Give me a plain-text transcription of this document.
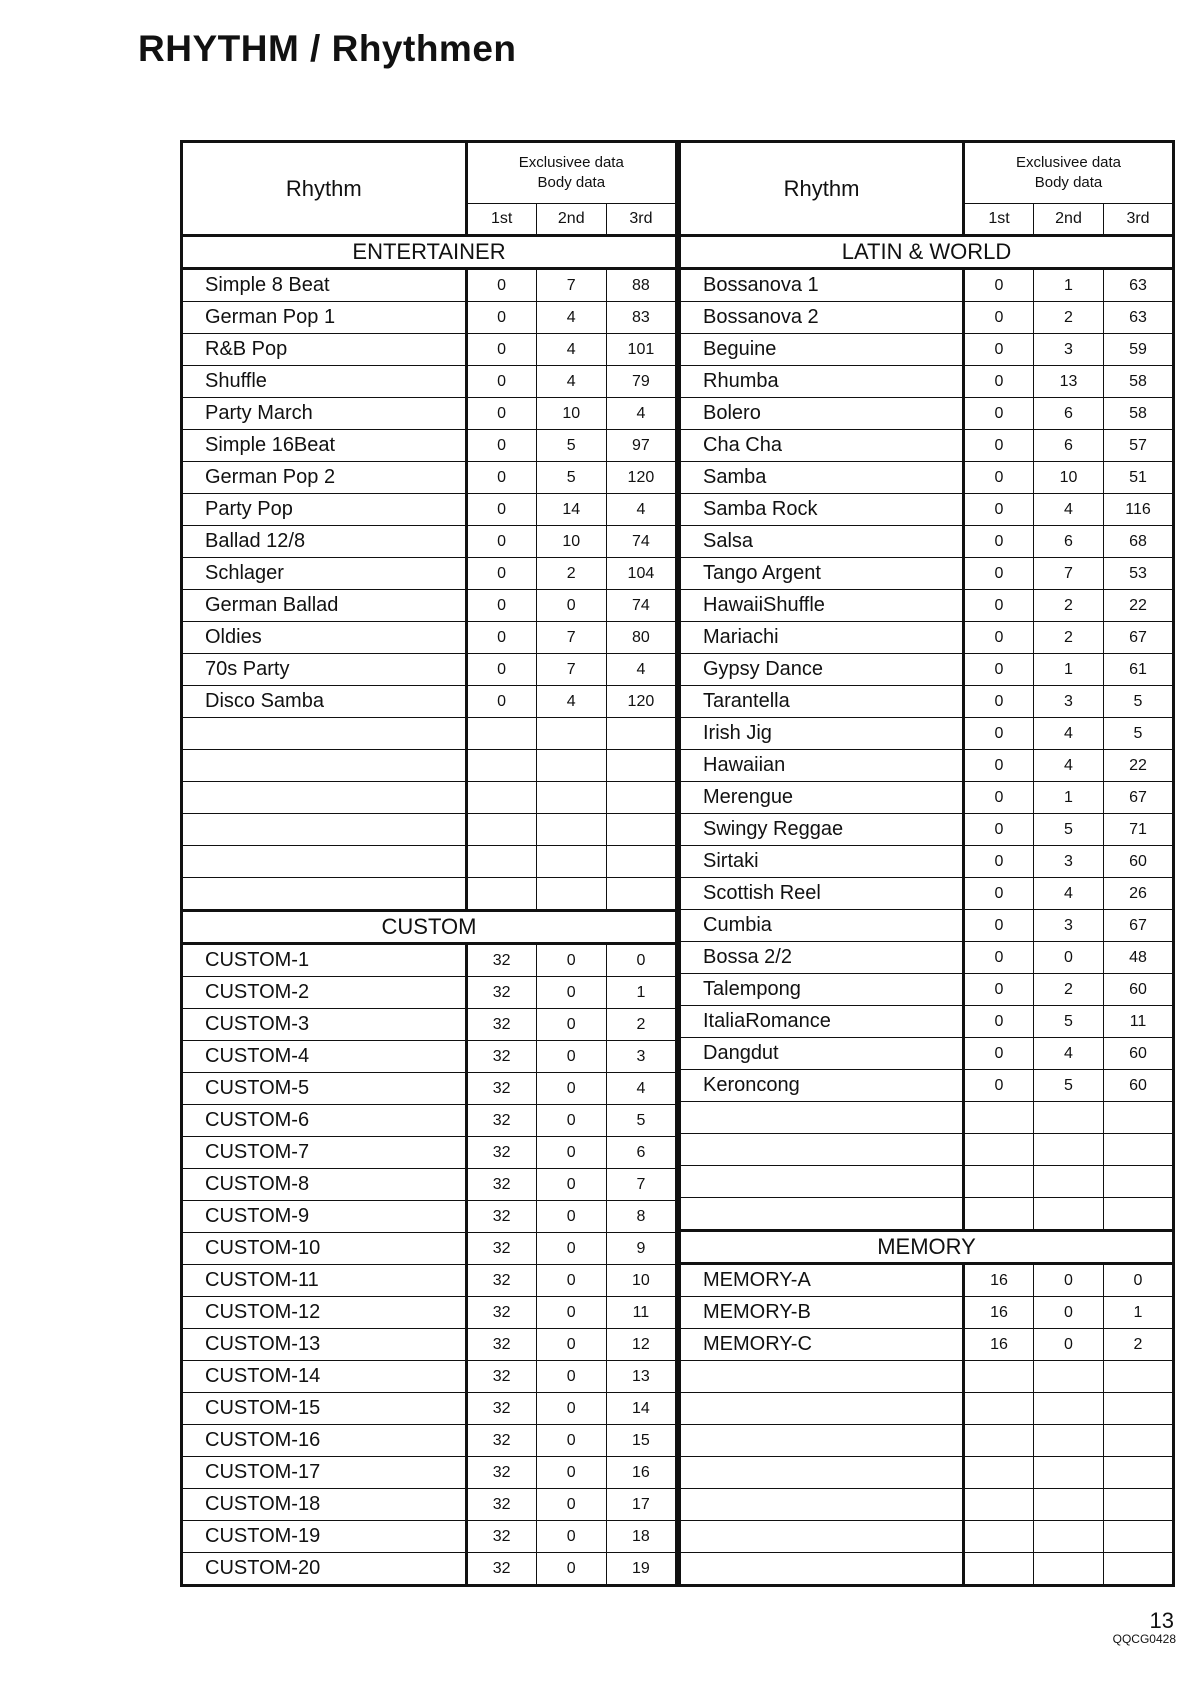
RHYTHM / Rhythmen
Rhythm	Exclusivee data
Body data		
	1st	2nd	3rd
ENTERTAINER			
Simple 8 Beat	0	7	88
German Pop 1	0	4	83
R&B Pop	0	4	101
Shuffle	0	4	79
Party March	0	10	4
Simple 16Beat	0	5	97
German Pop 2	0	5	120
Party Pop	0	14	4
Ballad 12/8	0	10	74
Schlager	0	2	104
German Ballad	0	0	74
Oldies	0	7	80
70s Party	0	7	4
Disco Samba	0	4	120

CUSTOM			
CUSTOM-1	32	0	0
CUSTOM-2	32	0	1
CUSTOM-3	32	0	2
CUSTOM-4	32	0	3
CUSTOM-5	32	0	4
CUSTOM-6	32	0	5
CUSTOM-7	32	0	6
CUSTOM-8	32	0	7
CUSTOM-9	32	0	8
CUSTOM-10	32	0	9
CUSTOM-11	32	0	10
CUSTOM-12	32	0	11
CUSTOM-13	32	0	12
CUSTOM-14	32	0	13
CUSTOM-15	32	0	14
CUSTOM-16	32	0	15
CUSTOM-17	32	0	16
CUSTOM-18	32	0	17
CUSTOM-19	32	0	18
CUSTOM-20	32	0	19
Rhythm	Exclusivee data
Body data		
	1st	2nd	3rd
LATIN & WORLD			
Bossanova 1	0	1	63
Bossanova 2	0	2	63
Beguine	0	3	59
Rhumba	0	13	58
Bolero	0	6	58
Cha Cha	0	6	57
Samba	0	10	51
Samba Rock	0	4	116
Salsa	0	6	68
Tango Argent	0	7	53
HawaiiShuffle	0	2	22
Mariachi	0	2	67
Gypsy Dance	0	1	61
Tarantella	0	3	5
Irish Jig	0	4	5
Hawaiian	0	4	22
Merengue	0	1	67
Swingy Reggae	0	5	71
Sirtaki	0	3	60
Scottish Reel	0	4	26
Cumbia	0	3	67
Bossa 2/2	0	0	48
Talempong	0	2	60
ItaliaRomance	0	5	11
Dangdut	0	4	60
Keroncong	0	5	60

MEMORY			
MEMORY-A	16	0	0
MEMORY-B	16	0	1
MEMORY-C	16	0	2

13
QQCG0428
